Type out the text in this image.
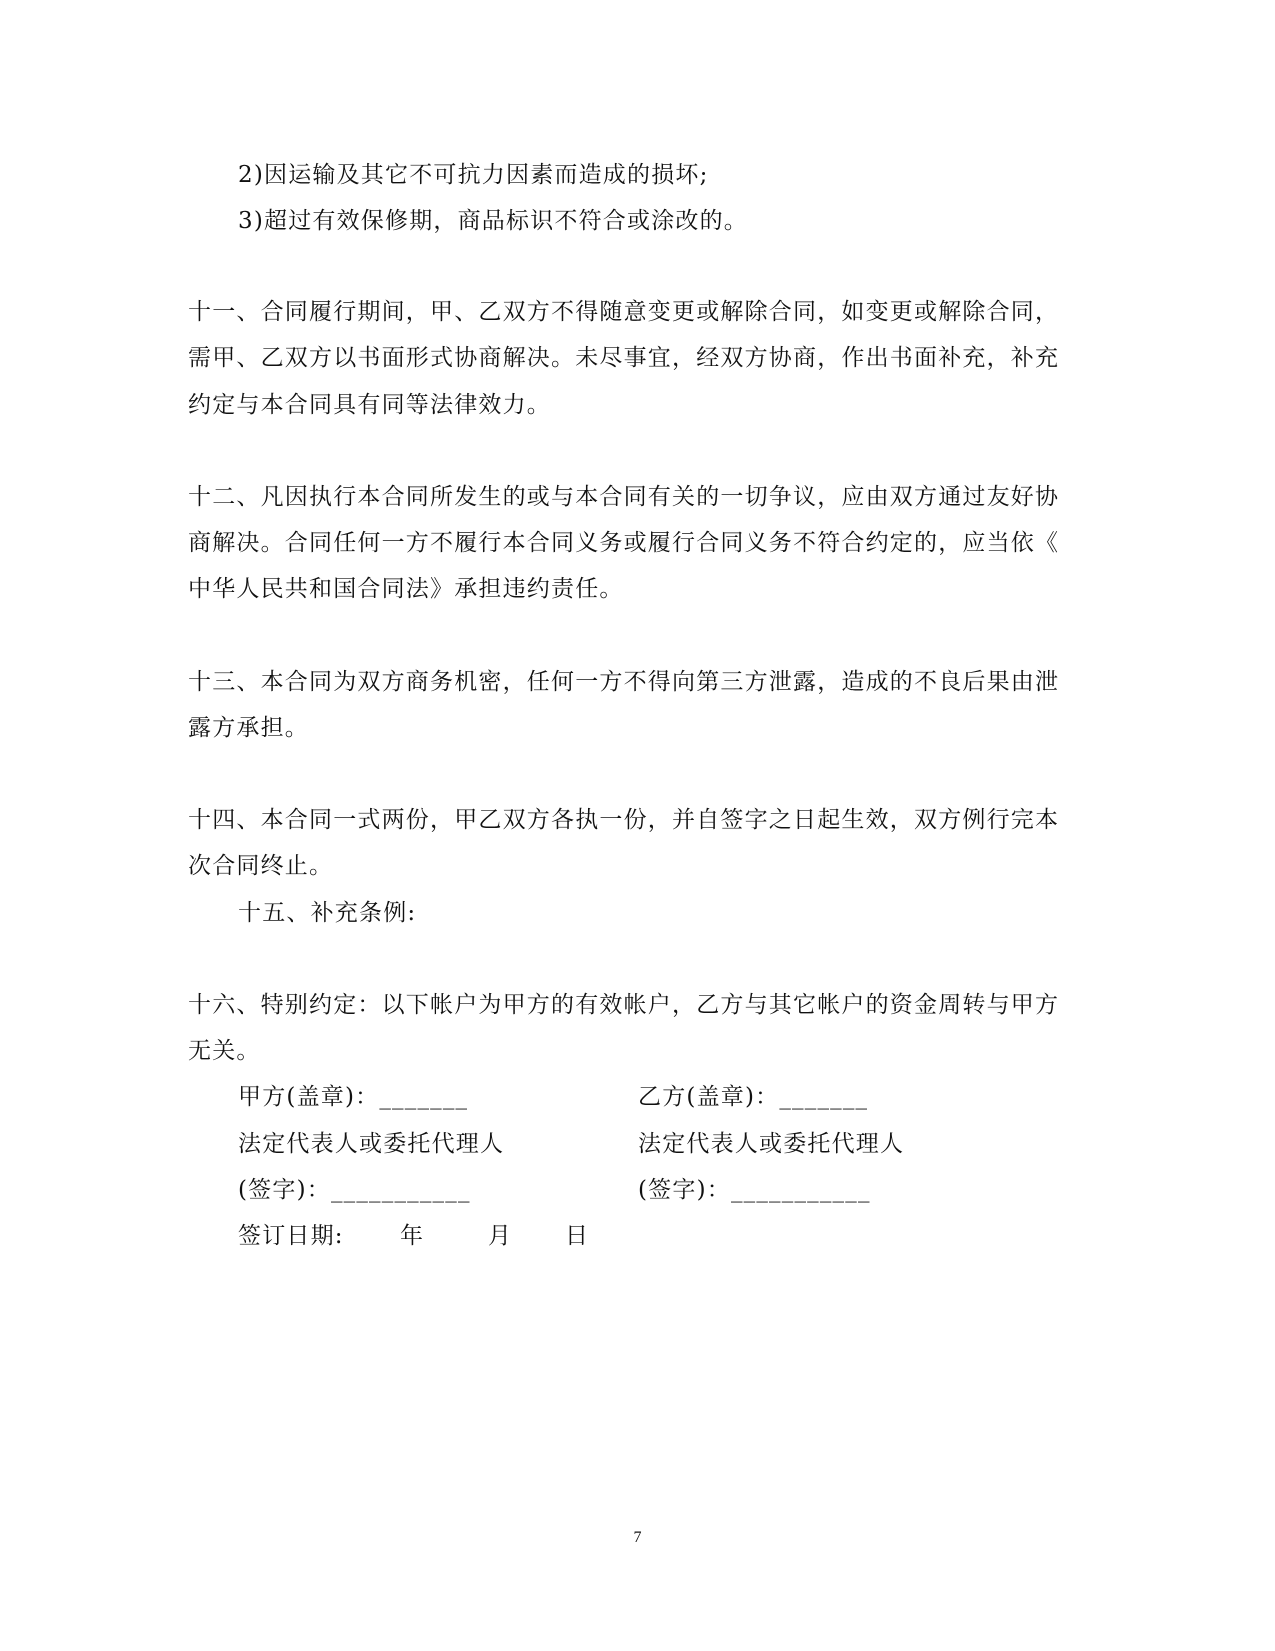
2)因运输及其它不可抗力因素而造成的损坏;
3)超过有效保修期，商品标识不符合或涂改的。
十一、合同履行期间，甲、乙双方不得随意变更或解除合同，如变更或解除合同，
需甲、乙双方以书面形式协商解决。未尽事宜，经双方协商，作出书面补充，补充
约定与本合同具有同等法律效力。
十二、凡因执行本合同所发生的或与本合同有关的一切争议，应由双方通过友好协
商解决。合同任何一方不履行本合同义务或履行合同义务不符合约定的，应当依《
中华人民共和国合同法》承担违约责任。
十三、本合同为双方商务机密，任何一方不得向第三方泄露，造成的不良后果由泄
露方承担。
十四、本合同一式两份，甲乙双方各执一份，并自签字之日起生效，双方例行完本
次合同终止。
十五、补充条例:
十六、特别约定：以下帐户为甲方的有效帐户，乙方与其它帐户的资金周转与甲方
无关。
甲方(盖章)：_______	乙方(盖章)：_______
法定代表人或委托代理人	法定代表人或委托代理人
(签字)：___________	(签字)：___________
签订日期: 年	月 日
7
